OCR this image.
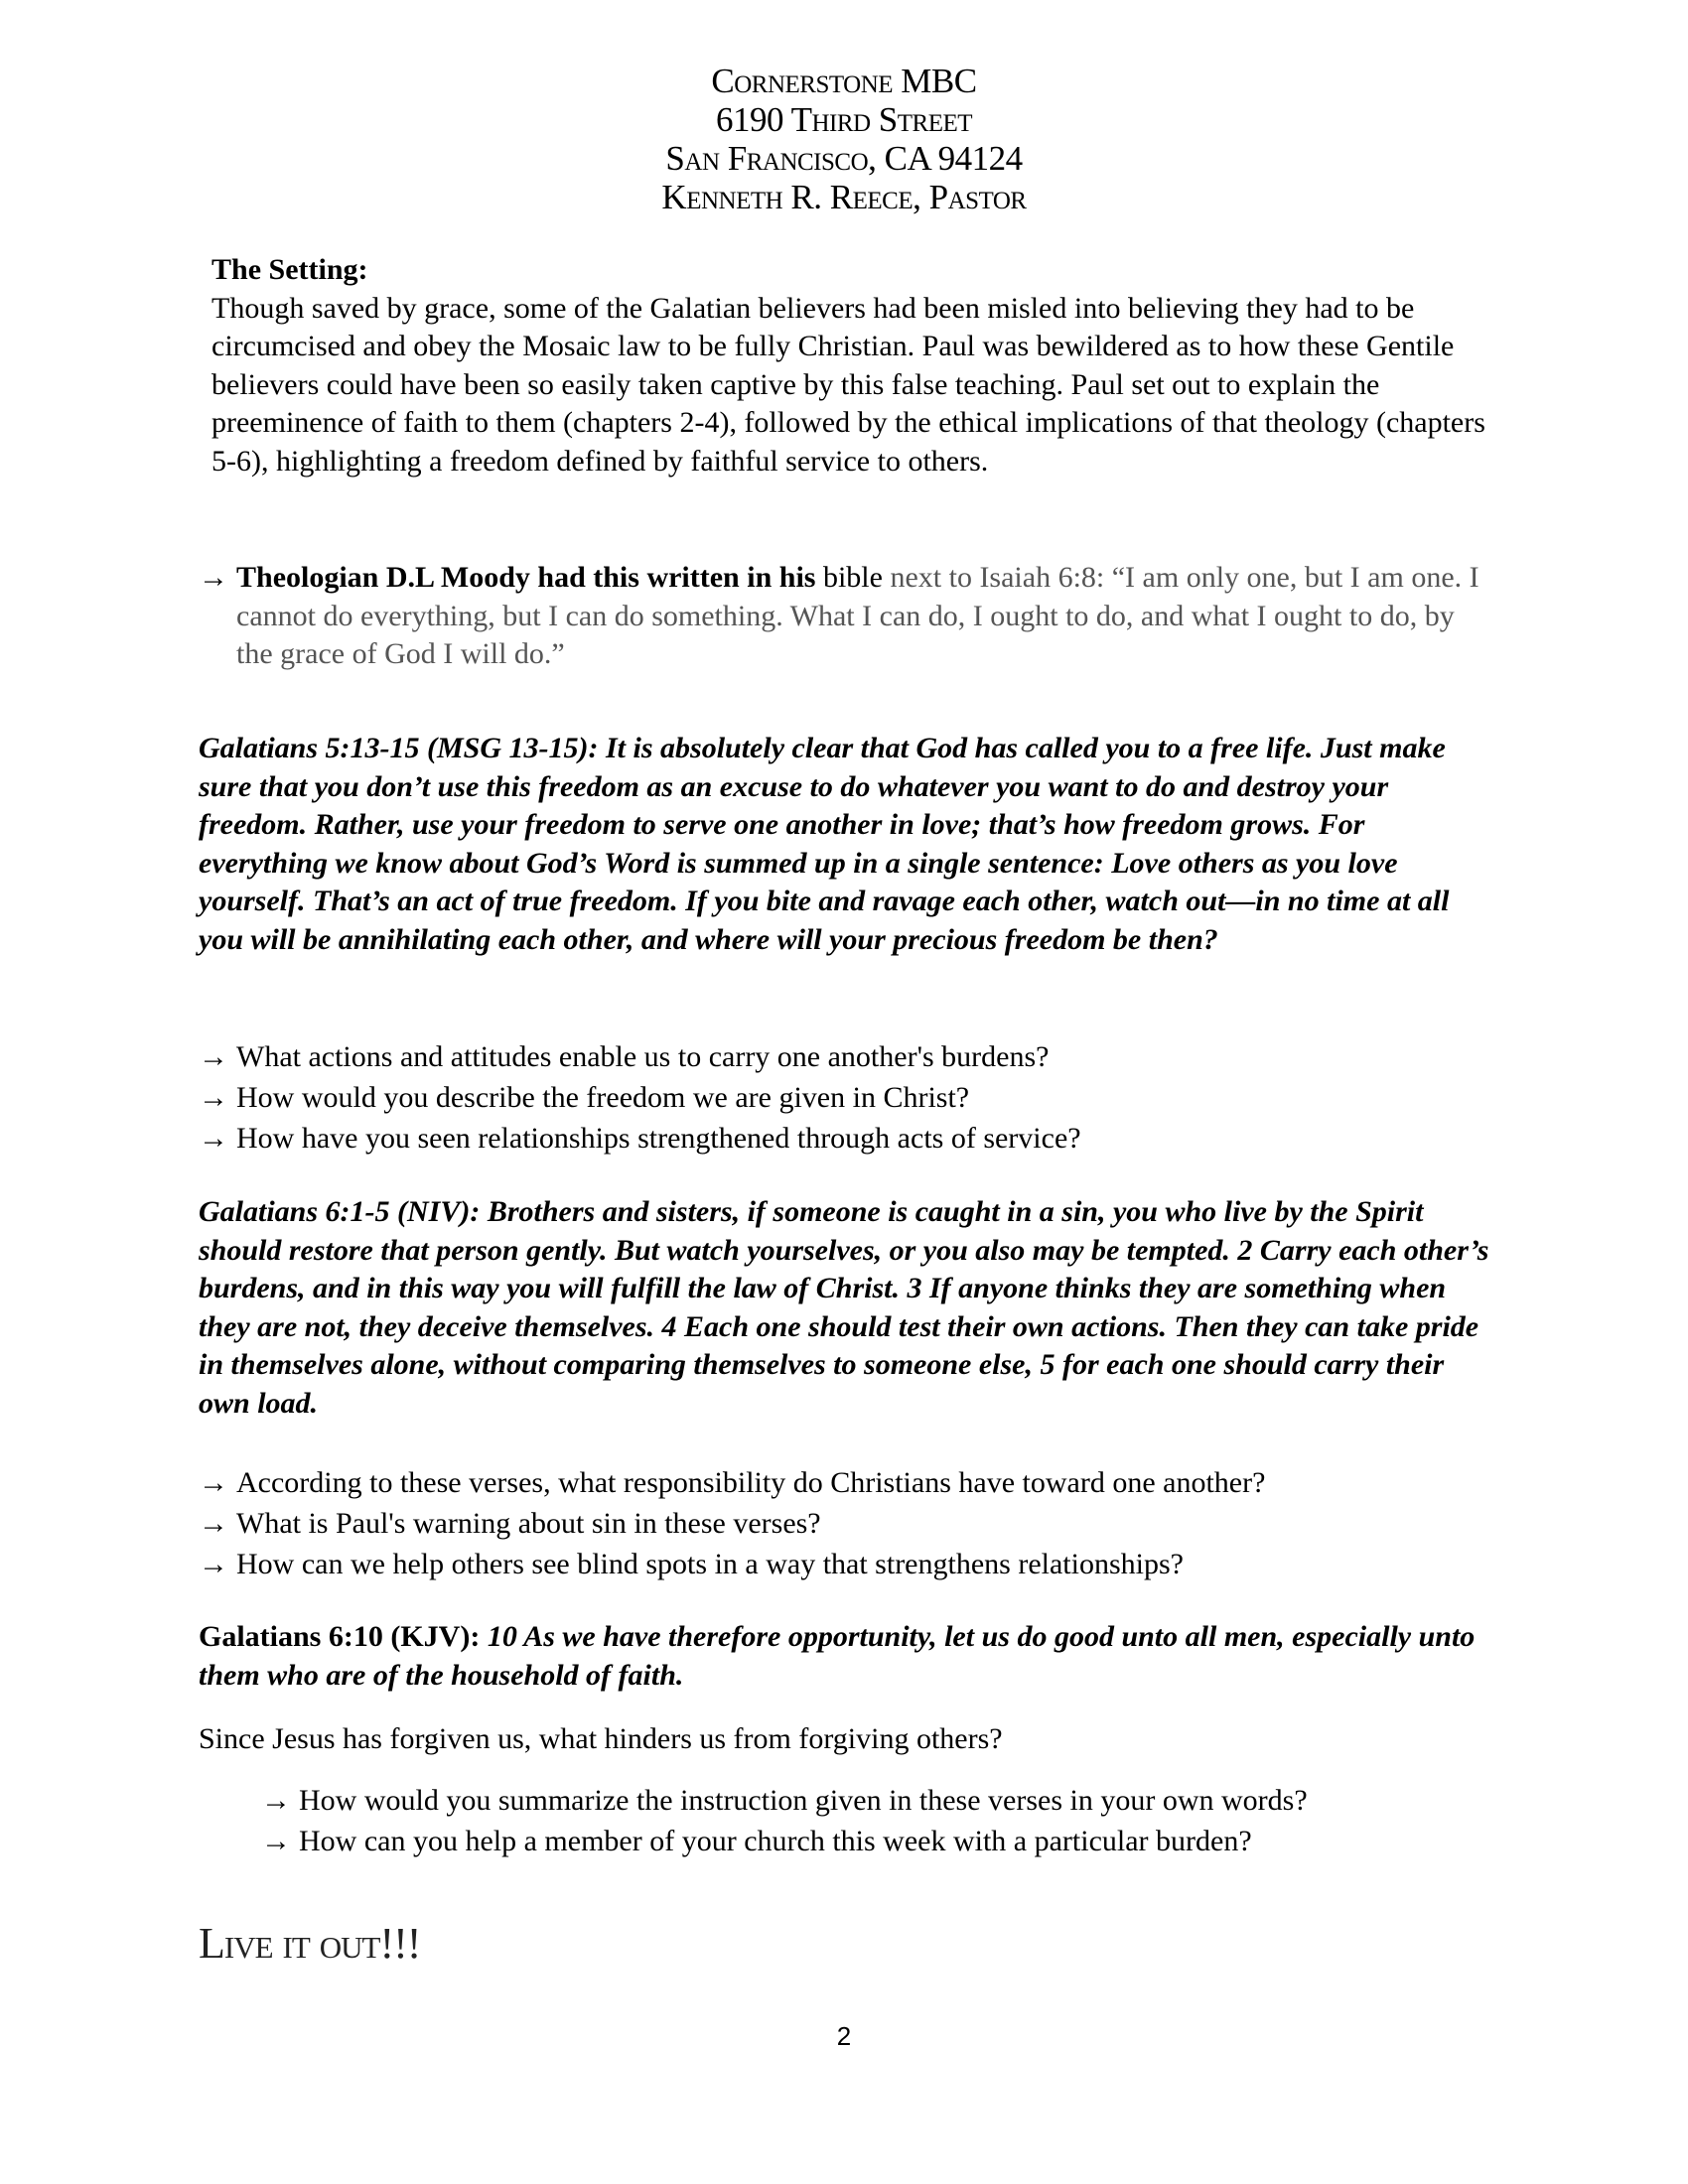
Cornerstone MBC
6190 Third Street
San Francisco, CA 94124
Kenneth R. Reece, Pastor
The Setting:
Though saved by grace, some of the Galatian believers had been misled into believing they had to be circumcised and obey the Mosaic law to be fully Christian. Paul was bewildered as to how these Gentile believers could have been so easily taken captive by this false teaching. Paul set out to explain the preeminence of faith to them (chapters 2-4), followed by the ethical implications of that theology (chapters 5-6), highlighting a freedom defined by faithful service to others.
→ Theologian D.L Moody had this written in his bible next to Isaiah 6:8: “I am only one, but I am one. I cannot do everything, but I can do something. What I can do, I ought to do, and what I ought to do, by the grace of God I will do.”
Galatians 5:13-15 (MSG 13-15): It is absolutely clear that God has called you to a free life. Just make sure that you don’t use this freedom as an excuse to do whatever you want to do and destroy your freedom. Rather, use your freedom to serve one another in love; that’s how freedom grows. For everything we know about God’s Word is summed up in a single sentence: Love others as you love yourself. That’s an act of true freedom. If you bite and ravage each other, watch out—in no time at all you will be annihilating each other, and where will your precious freedom be then?
→ What actions and attitudes enable us to carry one another's burdens?
→ How would you describe the freedom we are given in Christ?
→ How have you seen relationships strengthened through acts of service?
Galatians 6:1-5 (NIV): Brothers and sisters, if someone is caught in a sin, you who live by the Spirit should restore that person gently. But watch yourselves, or you also may be tempted. 2 Carry each other’s burdens, and in this way you will fulfill the law of Christ. 3 If anyone thinks they are something when they are not, they deceive themselves. 4 Each one should test their own actions. Then they can take pride in themselves alone, without comparing themselves to someone else, 5 for each one should carry their own load.
→ According to these verses, what responsibility do Christians have toward one another?
→ What is Paul's warning about sin in these verses?
→ How can we help others see blind spots in a way that strengthens relationships?
Galatians 6:10 (KJV): 10 As we have therefore opportunity, let us do good unto all men, especially unto them who are of the household of faith.
Since Jesus has forgiven us, what hinders us from forgiving others?
→ How would you summarize the instruction given in these verses in your own words?
→ How can you help a member of your church this week with a particular burden?
Live it out!!!
2
